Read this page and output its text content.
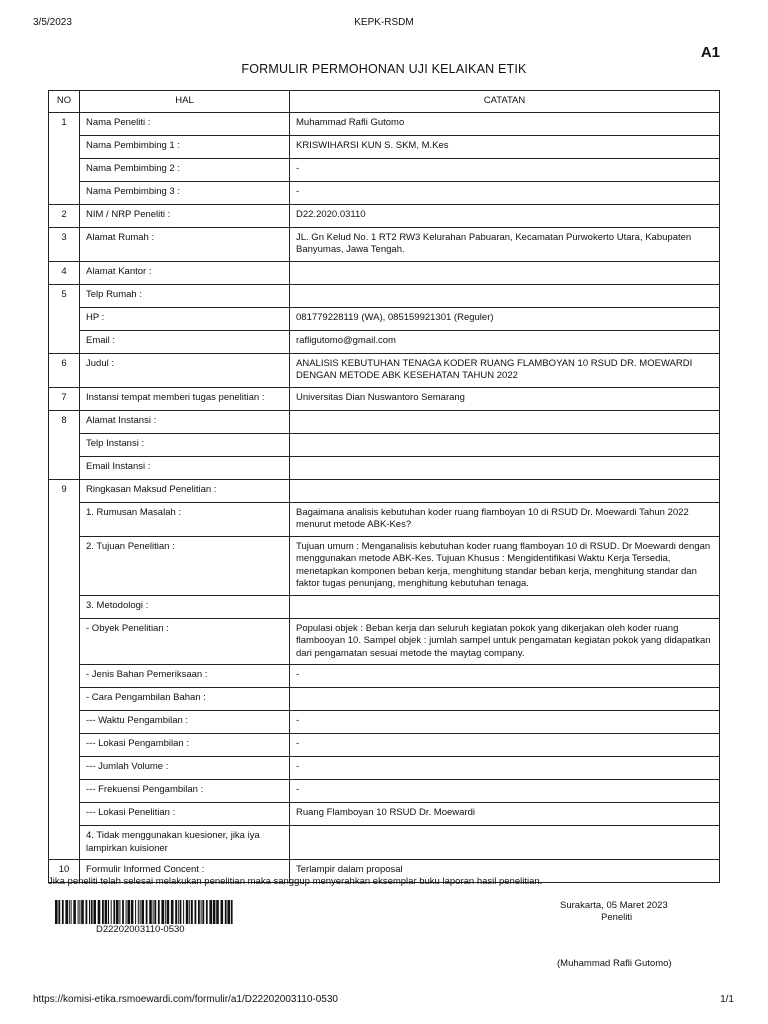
3/5/2023	KEPK-RSDM
A1
FORMULIR PERMOHONAN UJI KELAIKAN ETIK
NO	HAL	CATATAN
1	Nama Peneliti :	Muhammad Rafli Gutomo
	Nama Pembimbing 1 :	KRISWIHARSI KUN S. SKM, M.Kes
	Nama Pembimbing 2 :	-
	Nama Pembimbing 3 :	-
2	NIM / NRP Peneliti :	D22.2020.03110
3	Alamat Rumah :	JL. Gn Kelud No. 1 RT2 RW3 Kelurahan Pabuaran, Kecamatan Purwokerto Utara, Kabupaten Banyumas, Jawa Tengah.
4	Alamat Kantor :	
5	Telp Rumah :	
	HP :	081779228119 (WA), 085159921301 (Reguler)
	Email :	rafligutomo@gmail.com
6	Judul :	ANALISIS KEBUTUHAN TENAGA KODER RUANG FLAMBOYAN 10 RSUD DR. MOEWARDI DENGAN METODE ABK KESEHATAN TAHUN 2022
7	Instansi tempat memberi tugas penelitian :	Universitas Dian Nuswantoro Semarang
8	Alamat Instansi :	
	Telp Instansi :	
	Email Instansi :	
9	Ringkasan Maksud Penelitian :	
	1. Rumusan Masalah :	Bagaimana analisis kebutuhan koder ruang flamboyan 10 di RSUD Dr. Moewardi Tahun 2022 menurut metode ABK-Kes?
	2. Tujuan Penelitian :	Tujuan umum : Menganalisis kebutuhan koder ruang flamboyan 10 di RSUD. Dr Moewardi dengan menggunakan metode ABK-Kes. Tujuan Khusus : Mengidentifikasi Waktu Kerja Tersedia, menetapkan komponen beban kerja, menghitung standar beban kerja, menghitung standar dan faktor tugas penunjang, menghitung kebutuhan tenaga.
	3. Metodologi :	
	- Obyek Penelitian :	Populasi objek : Beban kerja dan seluruh kegiatan pokok yang dikerjakan oleh koder ruang flambooyan 10. Sampel objek : jumlah sampel untuk pengamatan kegiatan pokok yang didapatkan dari pengamatan sesuai metode the maytag company.
	- Jenis Bahan Pemeriksaan :	-
	- Cara Pengambilan Bahan :	
	--- Waktu Pengambilan :	-
	--- Lokasi Pengambilan :	-
	--- Jumlah Volume :	-
	--- Frekuensi Pengambilan :	-
	--- Lokasi Penelitian :	Ruang Flamboyan 10 RSUD Dr. Moewardi
	4. Tidak menggunakan kuesioner, jika iya lampirkan kuisioner	
10	Formulir Informed Concent :	Terlampir dalam proposal
Jika peneliti telah selesai melakukan penelitian maka sanggup menyerahkan eksemplar buku laporan hasil penelitian.
D22202003110-0530
Surakarta, 05 Maret 2023
Peneliti
(Muhammad Rafli Gutomo)
https://komisi-etika.rsmoewardi.com/formulir/a1/D22202003110-0530	1/1
